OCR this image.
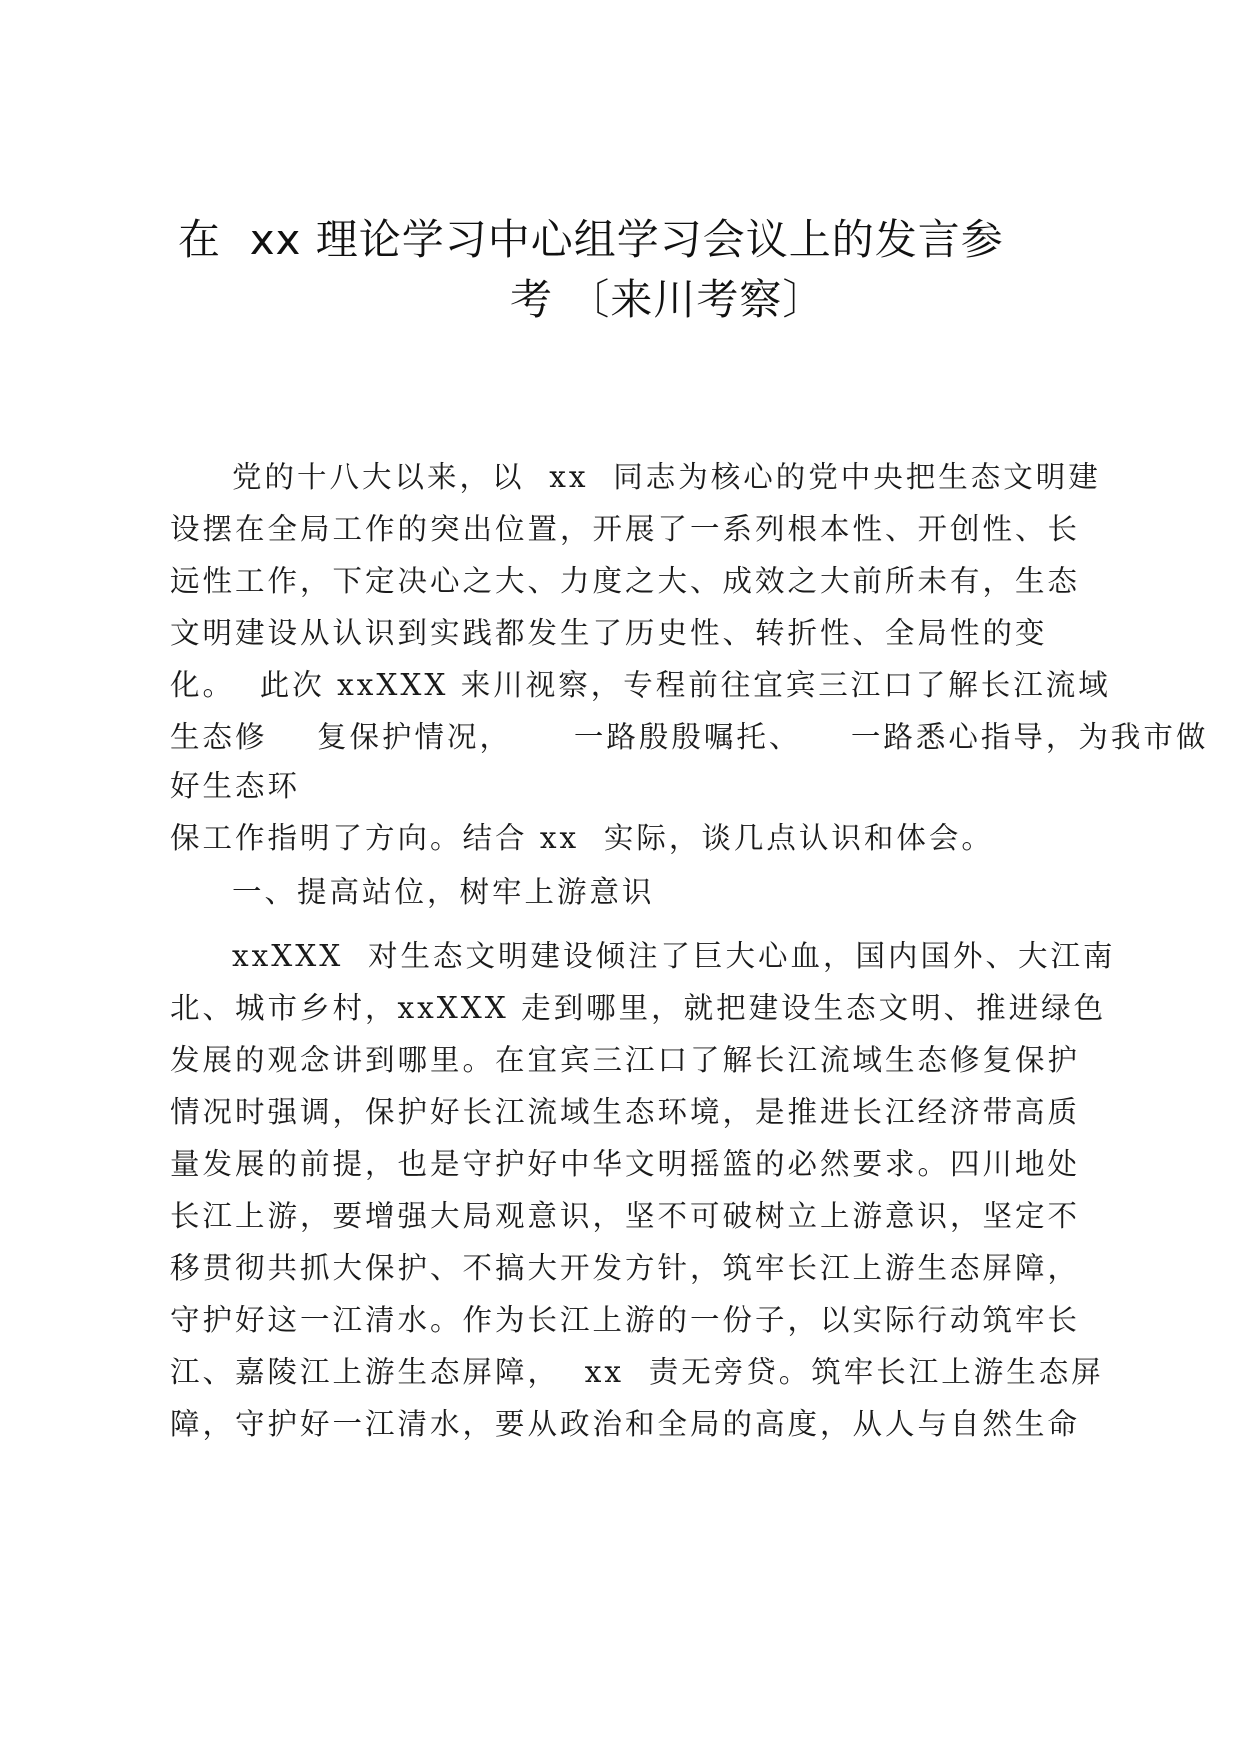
在  xx 理论学习中心组学习会议上的发言参
考 〔来川考察〕
党的十八大以来，以  xx  同志为核心的党中央把生态文明建
设摆在全局工作的突出位置，开展了一系列根本性、开创性、长
远性工作，下定决心之大、力度之大、成效之大前所未有，生态
文明建设从认识到实践都发生了历史性、转折性、全局性的变
化。  此次 xxXXX 来川视察，专程前往宜宾三江口了解长江流域
生态修    复保护情况，     一路殷殷嘱托、    一路悉心指导，为我市做
好生态环
保工作指明了方向。结合 xx  实际，谈几点认识和体会。
一、提高站位，树牢上游意识
xxXXX  对生态文明建设倾注了巨大心血，国内国外、大江南
北、城市乡村，xxXXX 走到哪里，就把建设生态文明、推进绿色
发展的观念讲到哪里。在宜宾三江口了解长江流域生态修复保护
情况时强调，保护好长江流域生态环境，是推进长江经济带高质
量发展的前提，也是守护好中华文明摇篮的必然要求。四川地处
长江上游，要增强大局观意识，坚不可破树立上游意识，坚定不
移贯彻共抓大保护、不搞大开发方针，筑牢长江上游生态屏障，
守护好这一江清水。作为长江上游的一份子，以实际行动筑牢长
江、嘉陵江上游生态屏障，  xx  责无旁贷。筑牢长江上游生态屏
障，守护好一江清水，要从政治和全局的高度，从人与自然生命
